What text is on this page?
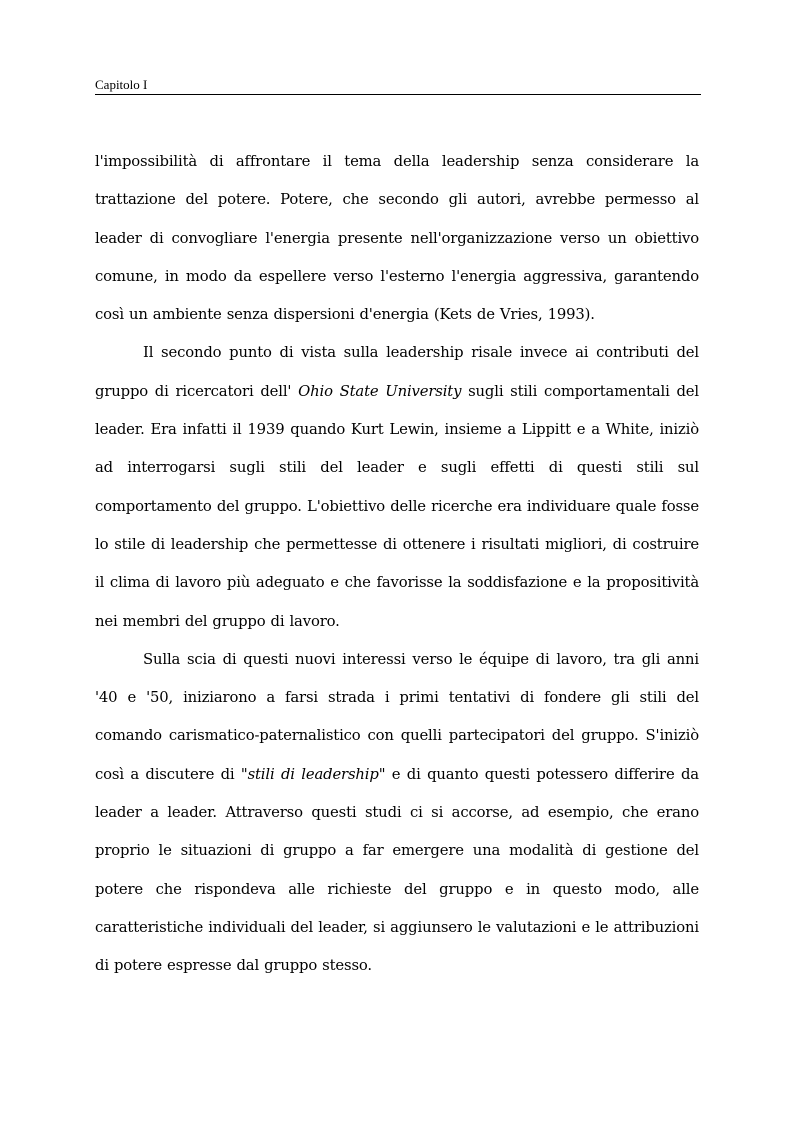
Capitolo I

l'impossibilità di affrontare il tema della leadership senza considerare la trattazione del potere. Potere, che secondo gli autori, avrebbe permesso al leader di convogliare l'energia presente nell'organizzazione verso un obiettivo comune, in modo da espellere verso l'esterno l'energia aggressiva, garantendo così un ambiente senza dispersioni d'energia (Kets de Vries, 1993).

Il secondo punto di vista sulla leadership risale invece ai contributi del gruppo di ricercatori dell' Ohio State University sugli stili comportamentali del leader. Era infatti il 1939 quando Kurt Lewin, insieme a Lippitt e a White, iniziò ad interrogarsi sugli stili del leader e sugli effetti di questi stili sul comportamento del gruppo. L'obiettivo delle ricerche era individuare quale fosse lo stile di leadership che permettesse di ottenere i risultati migliori, di costruire il clima di lavoro più adeguato e che favorisse la soddisfazione e la propositività nei membri del gruppo di lavoro.

Sulla scia di questi nuovi interessi verso le équipe di lavoro, tra gli anni '40 e '50, iniziarono a farsi strada i primi tentativi di fondere gli stili del comando carismatico-paternalistico con quelli partecipatori del gruppo. S'iniziò così a discutere di "stili di leadership" e di quanto questi potessero differire da leader a leader. Attraverso questi studi ci si accorse, ad esempio, che erano proprio le situazioni di gruppo a far emergere una modalità di gestione del potere che rispondeva alle richieste del gruppo e in questo modo, alle caratteristiche individuali del leader, si aggiunsero le valutazioni e le attribuzioni di potere espresse dal gruppo stesso.
